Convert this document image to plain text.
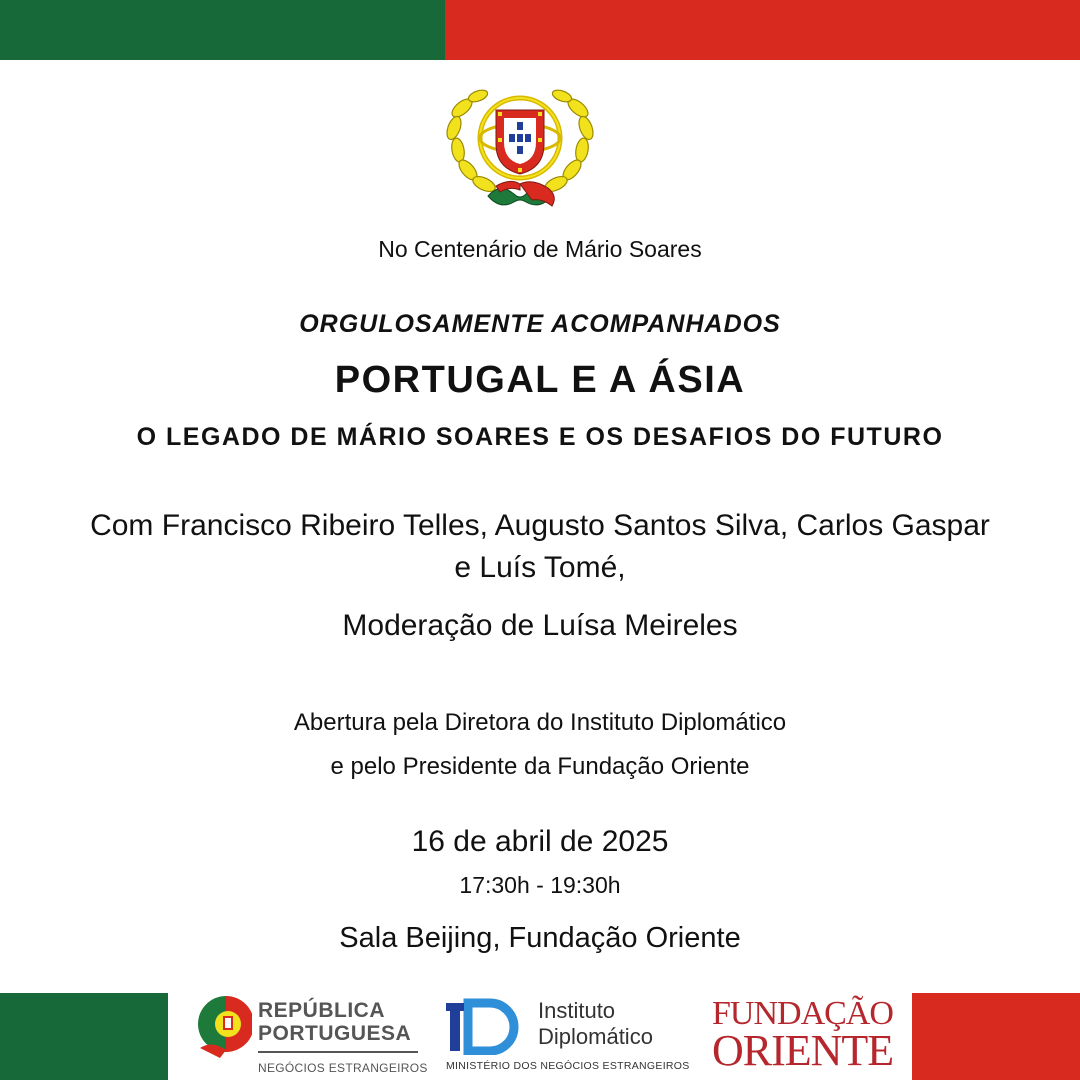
No Centenário de Mário Soares

ORGULOSAMENTE ACOMPANHADOS

PORTUGAL E A ÁSIA

O LEGADO DE MÁRIO SOARES E OS DESAFIOS DO FUTURO

Com Francisco Ribeiro Telles, Augusto Santos Silva, Carlos Gaspar e Luís Tomé,

Moderação de Luísa Meireles

Abertura pela Diretora do Instituto Diplomático
e pelo Presidente da Fundação Oriente

16 de abril de 2025

17:30h - 19:30h

Sala Beijing, Fundação Oriente

REPÚBLICA
PORTUGUESA
NEGÓCIOS ESTRANGEIROS
Instituto
Diplomático
MINISTÉRIO DOS NEGÓCIOS ESTRANGEIROS
FUNDAÇÃO
ORIENTE
